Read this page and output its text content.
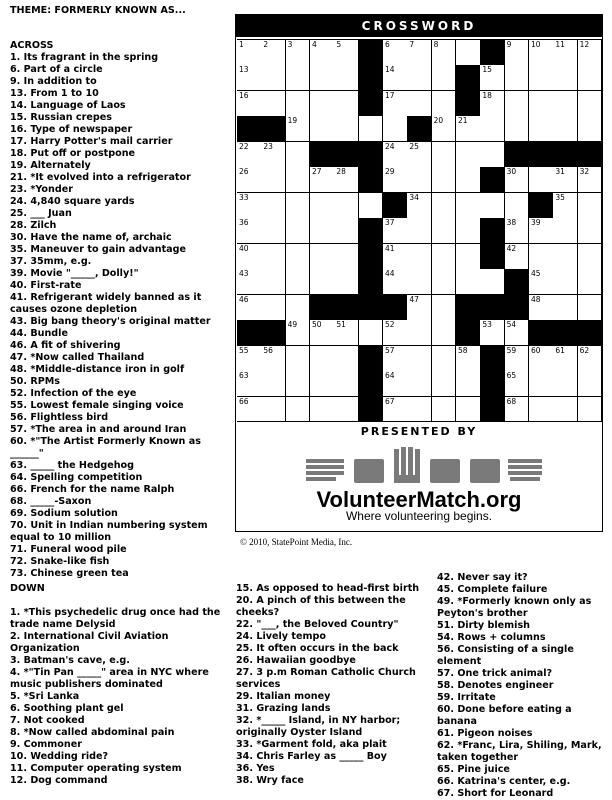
THEME: FORMERLY KNOWN AS...
ACROSS
1. Its fragrant in the spring
6. Part of a circle
9. In addition to
13. From 1 to 10
14. Language of Laos
15. Russian crepes
16. Type of newspaper
17. Harry Potter's mail carrier
18. Put off or postpone
19. Alternately
21. *It evolved into a refrigerator
23. *Yonder
24. 4,840 square yards
25. ___ Juan
28. Zilch
30. Have the name of, archaic
35. Maneuver to gain advantage
37. 35mm, e.g.
39. Movie "_____, Dolly!"
40. First-rate
41. Refrigerant widely banned as it causes ozone depletion
43. Big bang theory's original matter
44. Bundle
46. A fit of shivering
47. *Now called Thailand
48. *Middle-distance iron in golf
50. RPMs
52. Infection of the eye
55. Lowest female singing voice
56. Flightless bird
57. *The area in and around Iran
60. *"The Artist Formerly Known as ______"
63. _____ the Hedgehog
64. Spelling competition
66. French for the name Ralph
68. _____-Saxon
69. Sodium solution
70. Unit in Indian numbering system equal to 10 million
71. Funeral wood pile
72. Snake-like fish
73. Chinese green tea
DOWN
1. *This psychedelic drug once had the trade name Delysid
2. International Civil Aviation Organization
3. Batman's cave, e.g.
4. *"Tin Pan _____" area in NYC where music publishers dominated
5. *Sri Lanka
6. Soothing plant gel
7. Not cooked
8. *Now called abdominal pain
9. Commoner
10. Wedding ride?
11. Computer operating system
12. Dog command
15. As opposed to head-first birth
20. A pinch of this between the cheeks?
22. "___, the Beloved Country"
24. Lively tempo
25. It often occurs in the back
26. Hawaiian goodbye
27. 3 p.m Roman Catholic Church services
29. Italian money
31. Grazing lands
32. *_____ Island, in NY harbor; originally Oyster Island
33. *Garment fold, aka plait
34. Chris Farley as _____ Boy
36. Yes
38. Wry face
42. Never say it?
45. Complete failure
49. *Formerly known only as Peyton's brother
51. Dirty blemish
54. Rows + columns
56. Consisting of a single element
57. One trick animal?
58. Denotes engineer
59. Irritate
60. Done before eating a banana
61. Pigeon noises
62. *Franc, Lira, Shiling, Mark, taken together
65. Pine juice
66. Katrina's center, e.g.
67. Short for Leonard
CROSSWORD
1	2	3	4	5	6	7	8	9	10 11 12
13	14	15
16	17	18
19	20 21
22 23	24 25
26	27 28	29	30	31 32
33	34	35
36	37	38 39
40	41	42
43	44	45
46	47	48
49 50 51	52	53 54
55 56	57	58	59 60 61 62
63	64	65
66	67	68
PRESENTED BY
VolunteerMatch.org
Where volunteering begins.
© 2010, StatePoint Media, Inc.
